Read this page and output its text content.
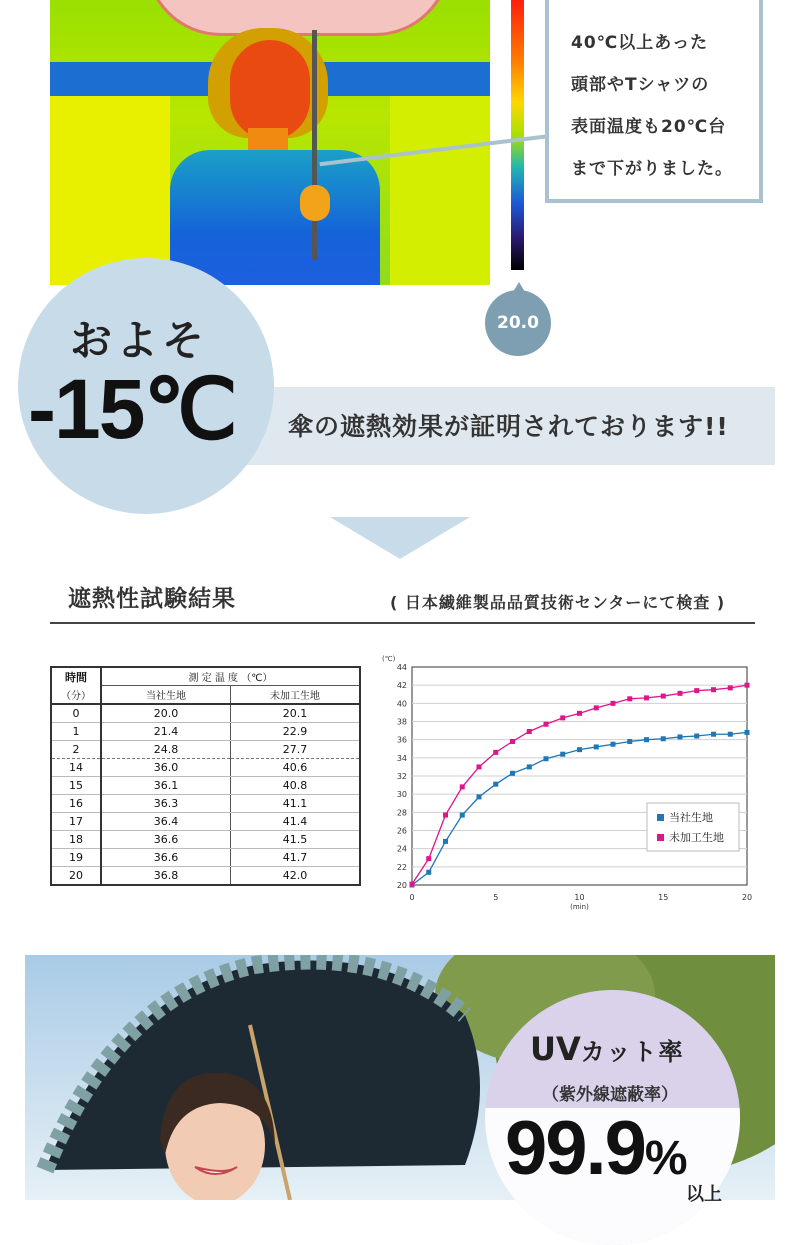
20.0
40℃以上あった
頭部やTシャツの
表面温度も20℃台
まで下がりました。
およそ
-15℃ 傘の遮熱効果が証明されております!!
遮熱性試験結果	( 日本繊維製品品質技術センターにて検査 )
時間	測 定 温 度 （℃）	
（分）	当社生地	未加工生地
0	20.0	20.1
1	21.4	22.9
2	24.8	27.7
14	36.0	40.6
15	36.1	40.8
16	36.3	41.1
17	36.4	41.4
18	36.6	41.5
19	36.6	41.7
20	36.8	42.0
20
22
24
26
28
30
32
34
36
38
40
42
44
0	5	10	15	20
(min)
(℃)
当社生地
未加工生地
UVカット率
（紫外線遮蔽率）
99.9%
以上
